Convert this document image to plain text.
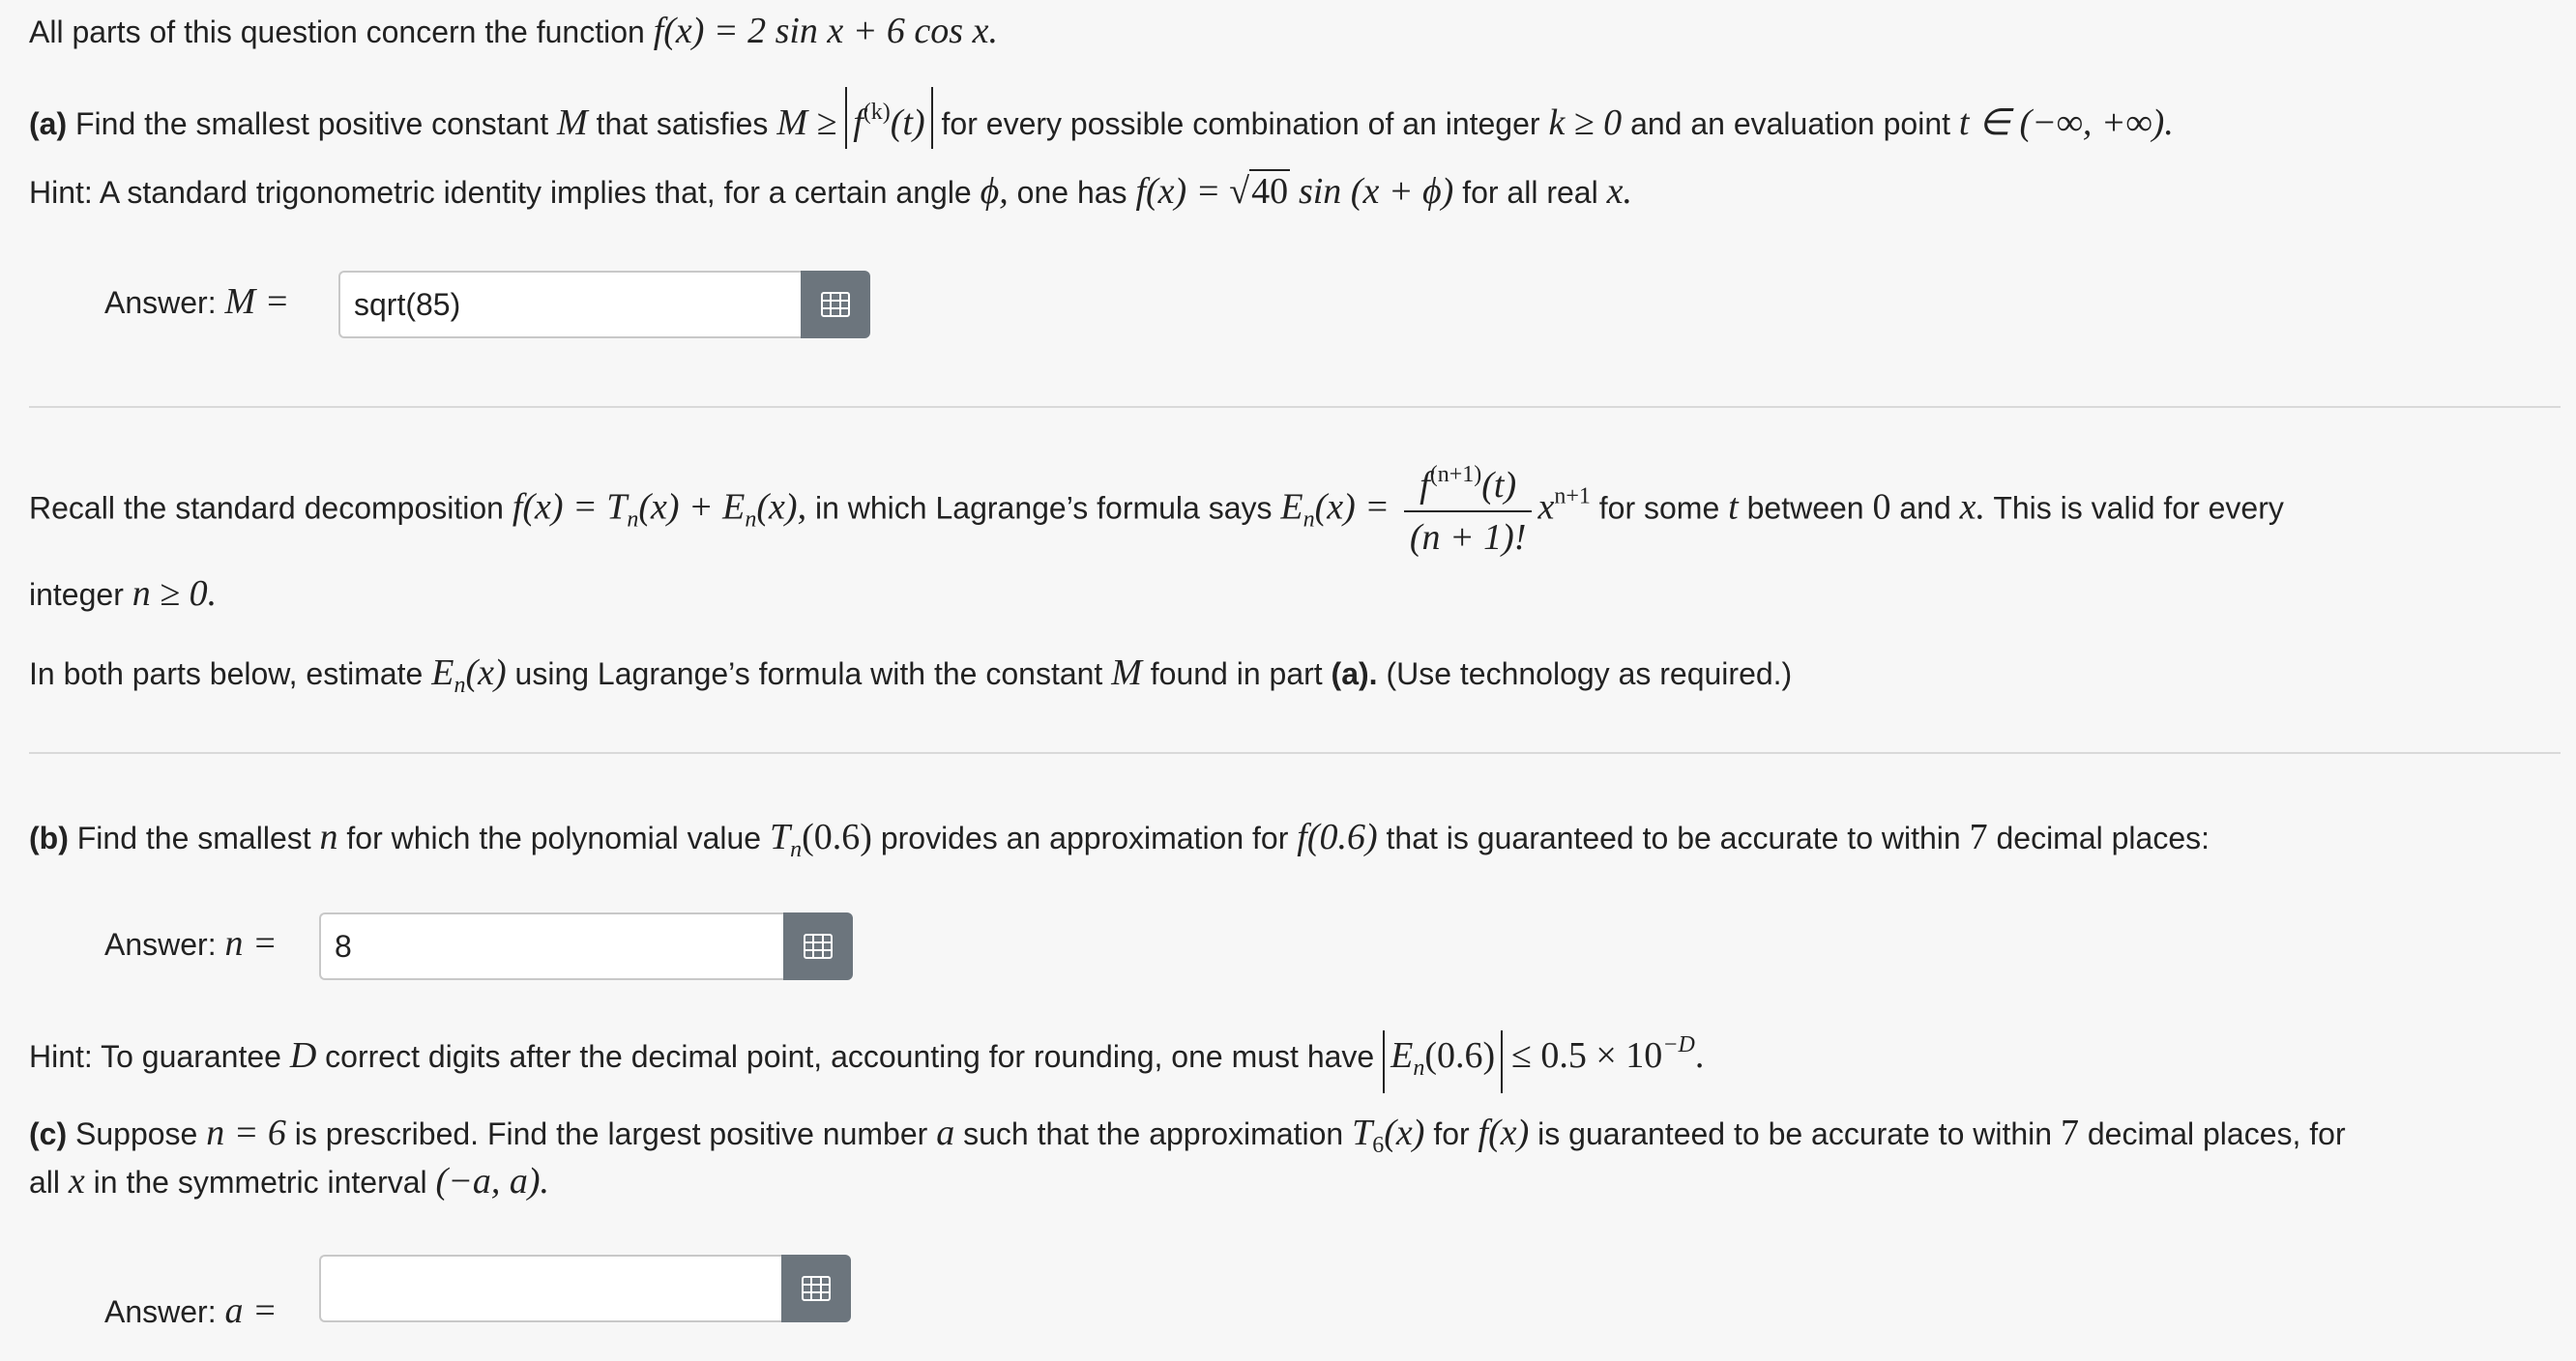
All parts of this question concern the function f(x) = 2 sin x + 6 cos x.
(a) Find the smallest positive constant M that satisfies $M \ge f^{(k)}(t)$ for every possible combination of an integer k ≥ 0 and an evaluation point t ∈ (−∞, +∞).
Hint: A standard trigonometric identity implies that, for a certain angle ϕ, one has f(x) = √40 sin (x + ϕ) for all real x.
Answer: M =
sqrt(85)
Recall the standard decomposition $f(x) = T_n(x) + E_n(x)$, in which Lagrange’s formula says $E_n(x) = \frac{f^{(n+1)}(t)}{(n + 1)!} x^{n+1}$ for some t between 0 and x. This is valid for every
integer n ≥ 0.
In both parts below, estimate $E_n(x)$ using Lagrange’s formula with the constant M found in part (a). (Use technology as required.)
(b) Find the smallest n for which the polynomial value $T_n(0.6)$ provides an approximation for f(0.6) that is guaranteed to be accurate to within 7 decimal places:
Answer: n =
8
Hint: To guarantee D correct digits after the decimal point, accounting for rounding, one must have $E_n(0.6) \le 0.5 \times 10^{-D}$.
(c) Suppose n = 6 is prescribed. Find the largest positive number a such that the approximation $T_6(x)$ for f(x) is guaranteed to be accurate to within 7 decimal places, for
all x in the symmetric interval (−a, a).
Answer: a =
